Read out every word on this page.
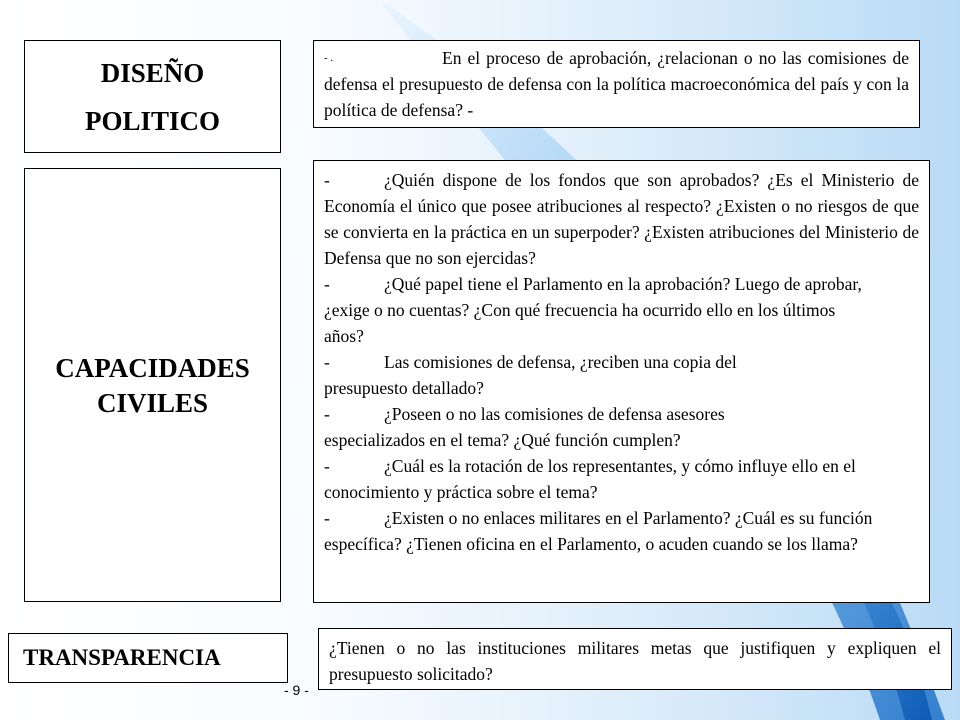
DISEÑO
POLITICO
CAPACIDADES
CIVILES
TRANSPARENCIA
- .	En el proceso de aprobación, ¿relacionan o no las comisiones de defensa el presupuesto de defensa con la política macroeconómica del país y con la política de defensa? -
-	¿Quién dispone de los fondos que son aprobados? ¿Es el Ministerio de Economía el único que posee atribuciones al respecto? ¿Existen o no riesgos de que se convierta en la práctica en un superpoder? ¿Existen atribuciones del Ministerio de Defensa que no son ejercidas?
-	¿Qué papel tiene el Parlamento en la aprobación? Luego de aprobar, ¿exige o no cuentas? ¿Con qué frecuencia ha ocurrido ello en los últimos años?
-	Las comisiones de defensa, ¿reciben una copia del presupuesto detallado?
-	¿Poseen o no las comisiones de defensa asesores especializados en el tema? ¿Qué función cumplen?
-	¿Cuál es la rotación de los representantes, y cómo influye ello en el conocimiento y práctica sobre el tema?
-	¿Existen o no enlaces militares en el Parlamento? ¿Cuál es su función específica? ¿Tienen oficina en el Parlamento, o acuden cuando se los llama?
¿Tienen o no las instituciones militares metas que justifiquen y expliquen el presupuesto solicitado?
- 9 -
